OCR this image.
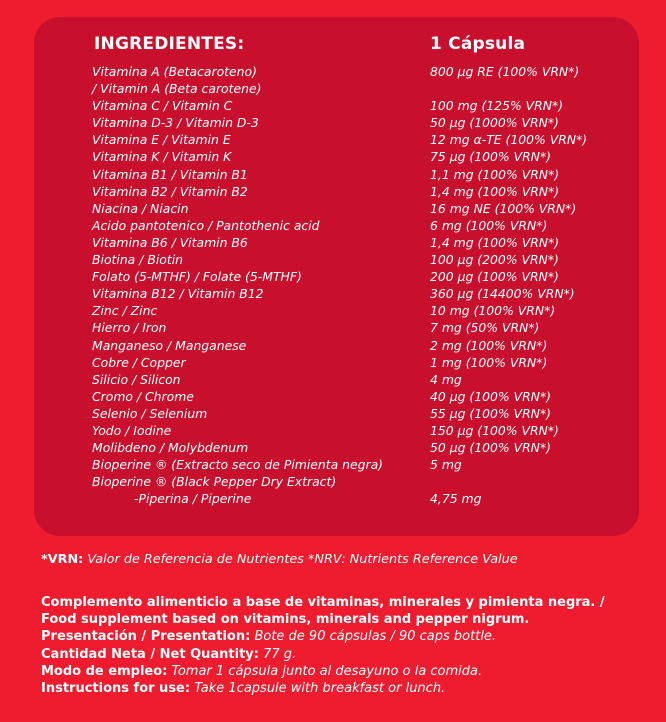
INGREDIENTES:	1 Cápsula
Vitamina A (Betacaroteno)	800 µg RE (100% VRN*)
/ Vitamin A (Beta carotene)
Vitamina C / Vitamin C	100 mg (125% VRN*)
Vitamina D-3 / Vitamin D-3	50 µg (1000% VRN*)
Vitamina E / Vitamin E	12 mg α-TE (100% VRN*)
Vitamina K / Vitamin K	75 µg (100% VRN*)
Vitamina B1 / Vitamin B1	1,1 mg (100% VRN*)
Vitamina B2 / Vitamin B2	1,4 mg (100% VRN*)
Niacina / Niacin	16 mg NE (100% VRN*)
Acido pantotenico / Pantothenic acid	6 mg (100% VRN*)
Vitamina B6 / Vitamin B6	1,4 mg (100% VRN*)
Biotina / Biotin	100 µg (200% VRN*)
Folato (5-MTHF) / Folate (5-MTHF)	200 µg (100% VRN*)
Vitamina B12 / Vitamin B12	360 µg (14400% VRN*)
Zinc / Zinc	10 mg (100% VRN*)
Hierro / Iron	7 mg (50% VRN*)
Manganeso / Manganese	2 mg (100% VRN*)
Cobre / Copper	1 mg (100% VRN*)
Silicio / Silicon	4 mg
Cromo / Chrome	40 µg (100% VRN*)
Selenio / Selenium	55 µg (100% VRN*)
Yodo / Iodine	150 µg (100% VRN*)
Molibdeno / Molybdenum	50 µg (100% VRN*)
Bioperine ® (Extracto seco de Pimienta negra)	5 mg
Bioperine ® (Black Pepper Dry Extract)
-Piperina / Piperine	4,75 mg
*VRN: Valor de Referencia de Nutrientes *NRV: Nutrients Reference Value
Complemento alimenticio a base de vitaminas, minerales y pimienta negra. /
Food supplement based on vitamins, minerals and pepper nigrum.
Presentación / Presentation: Bote de 90 cápsulas / 90 caps bottle.
Cantidad Neta / Net Quantity: 77 g.
Modo de empleo: Tomar 1 cápsula junto al desayuno o la comida.
Instructions for use: Take 1capsule with breakfast or lunch.
